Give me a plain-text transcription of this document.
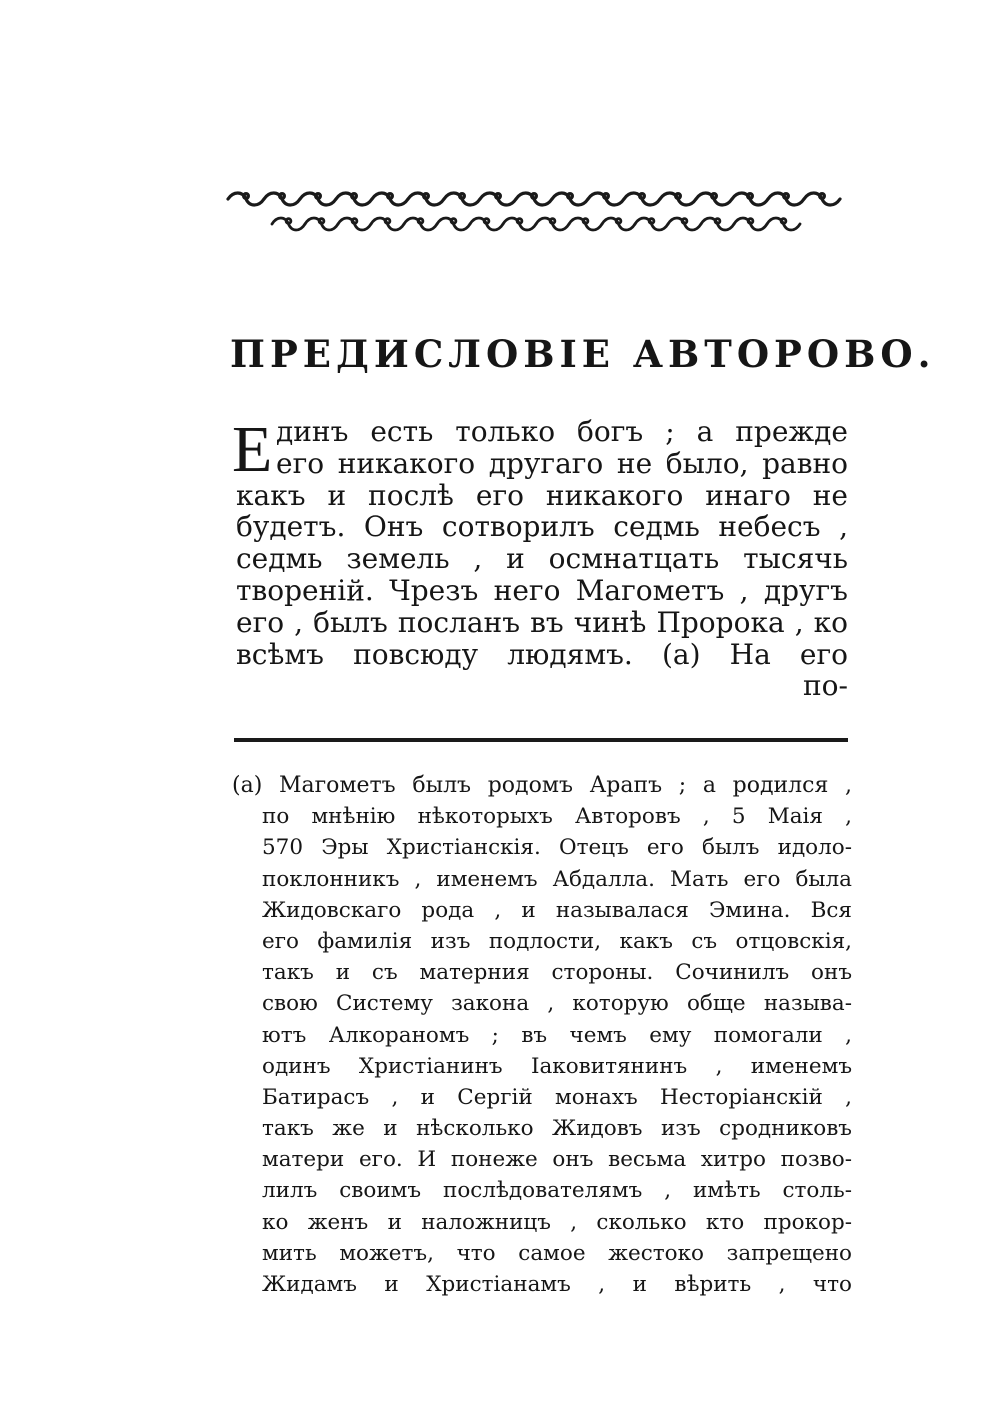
ПРЕДИСЛОВІЕ АВТОРОВО.
Е динъ есть только богъ ; а прежде
его никакого другаго не было, равно
какъ и послѣ его никакого инаго не
будетъ. Онъ сотворилъ седмь небесъ ,
седмь земель , и осмнатцать тысячь
твореній. Чрезъ него Магометъ , другъ
его , былъ посланъ въ чинѣ Пророка , ко
всѣмъ повсюду людямъ. (а) На его
по-
(а) Магометъ былъ родомъ Арапъ ; а родился ,
по мнѣнію нѣкоторыхъ Авторовъ , 5 Маія ,
570 Эры Христіанскія. Отецъ его былъ идоло-
поклонникъ , именемъ Абдалла. Мать его была
Жидовскаго рода , и называлася Эмина. Вся
его фамилія изъ подлости, какъ съ отцовскія,
такъ и съ матерния стороны. Сочинилъ онъ
свою Систему закона , которую обще называ-
ютъ Алкораномъ ; въ чемъ ему помогали ,
одинъ Христіанинъ Іаковитянинъ , именемъ
Батирасъ , и Сергій монахъ Несторіанскій ,
такъ же и нѣсколько Жидовъ изъ сродниковъ
матери его. И понеже онъ весьма хитро позво-
лилъ своимъ послѣдователямъ , имѣть столь-
ко женъ и наложницъ , сколько кто прокор-
мить можетъ, что самое жестоко запрещено
Жидамъ и Христіанамъ , и вѣрить , что
